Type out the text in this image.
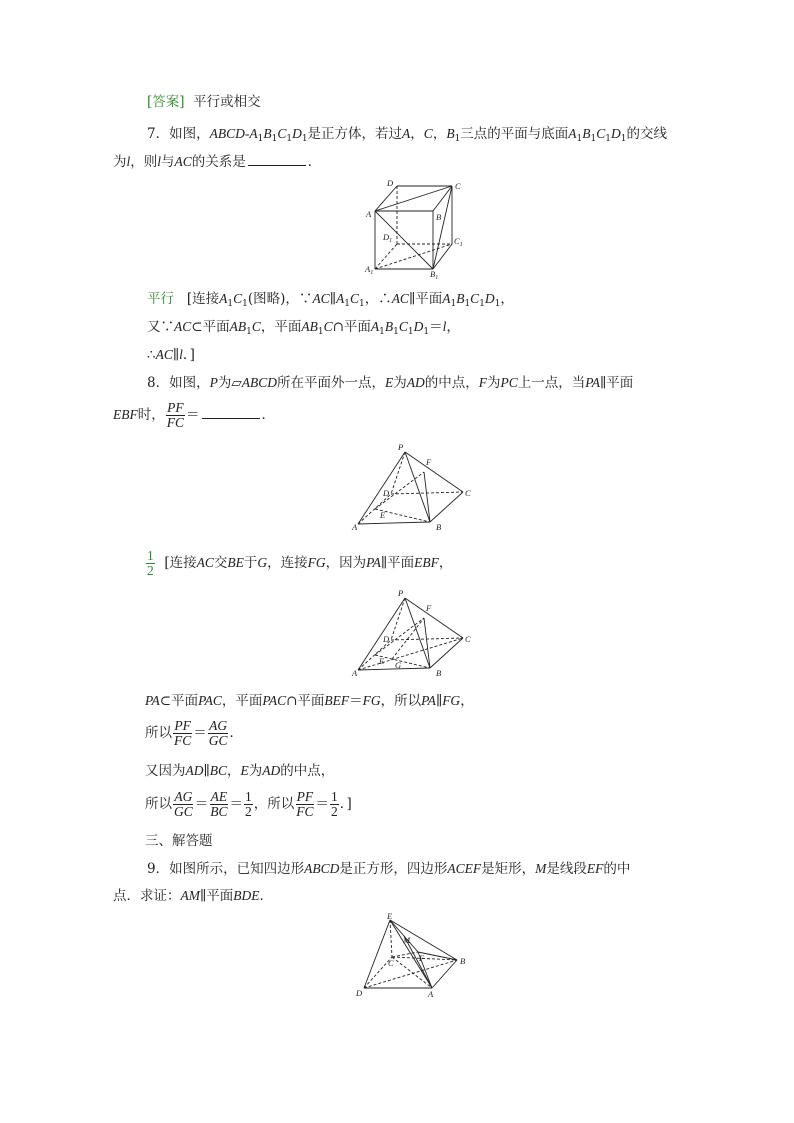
[答案] 平行或相交
7．如图，ABCD-$A_1B_1C_1D_1$是正方体，若过A，C，$B_1$三点的平面与底面$A_1B_1C_1D_1$的交线
为l，则l与AC的关系是	．
D	C
A	B
$D_1$	$C_1$
$A_1$	$B_1$
平行 [连接$A_1C_1$(图略)，$\because AC\parallel A_1C_1$，∴AC∥平面$A_1B_1C_1D_1$，
又∵AC⊂平面$AB_1C$，平面$AB_1C\cap$平面$A_1B_1C_1D_1=l$，
∴AC∥l．]
8．如图，P为▱ABCD所在平面外一点，E为AD的中点，F为PC上一点，当PA∥平面
EBF时， $\frac{PF}{FC}$ ＝	．
P
F
D	C
E
A	B
$\frac{1}{2}$ [连接AC交BE于G，连接FG，因为PA∥平面EBF，
P
F
D	C
E G
A	B
PA⊂平面PAC，平面PAC∩平面BEF＝FG，所以PA∥FG，
所以 $\frac{PF}{FC} = \frac{AG}{GC}$ ．
又因为AD∥BC，E为AD的中点，
所以 $\frac{AG}{GC} = \frac{AE}{BC} = \frac{1}{2}$ ，所以 $\frac{PF}{FC} = \frac{1}{2}$ ．]
三、解答题
9．如图所示，已知四边形ABCD是正方形，四边形ACEF是矩形，M是线段EF的中
点．求证：AM∥平面BDE．
E
M
F
C	B
D	A
